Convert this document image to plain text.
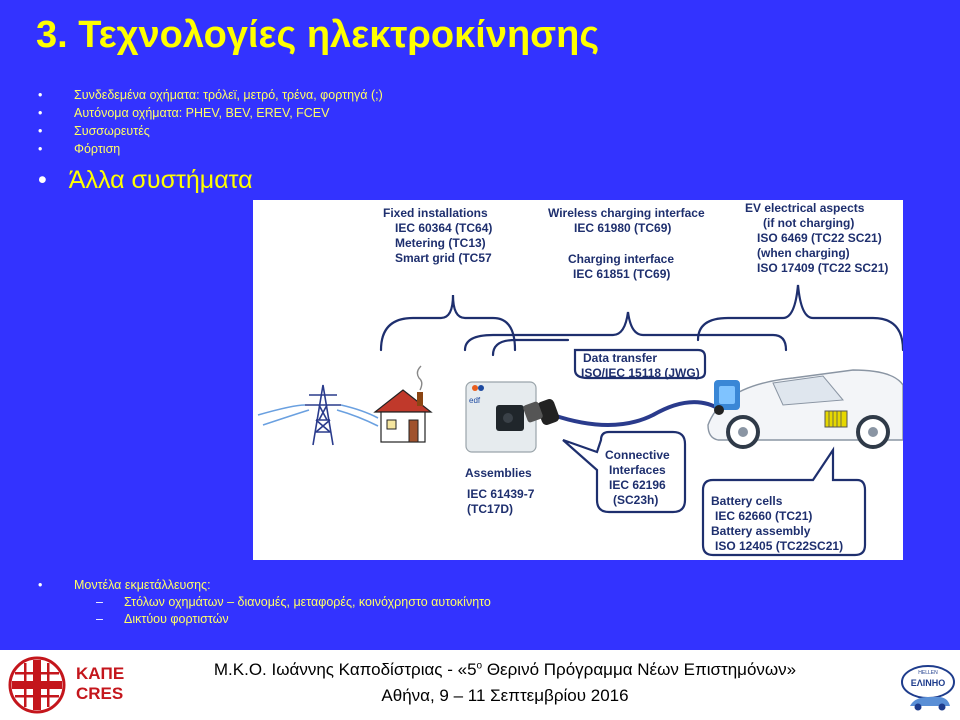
3. Τεχνολογίες ηλεκτροκίνησης
•	Συνδεδεμένα οχήματα: τρόλεϊ, μετρό, τρένα, φορτηγά (;)
•	Αυτόνομα οχήματα: PHEV, BEV, EREV, FCEV
•	Συσσωρευτές
•	Φόρτιση
• Άλλα συστήματα
edf
Fixed installations
IEC 60364 (TC64)
Metering (TC13)
Smart grid (TC57
Wireless charging interface
IEC 61980 (TC69)
Charging interface
IEC 61851 (TC69)
EV electrical aspects
(if not charging)
ISO 6469 (TC22 SC21)
(when charging)
ISO 17409 (TC22 SC21)
Data transfer
ISO/IEC 15118 (JWG)
Assemblies
IEC 61439-7
(TC17D)
Connective
Interfaces
IEC 62196
(SC23h)	Battery cells
IEC 62660 (TC21)
Battery assembly
ISO 12405 (TC22SC21)
•	Μοντέλα εκμετάλλευσης:
– Στόλων οχημάτων – διανομές, μεταφορές, κοινόχρηστο αυτοκίνητο
– Δικτύου φορτιστών
ΚΑΠΕ
CRES
Μ.Κ.Ο. Ιωάννης Καποδίστριας - «$5^o$ Θερινό Πρόγραμμα Νέων Επιστημόνων»
Αθήνα, 9 – 11 Σεπτεμβρίου 2016
HELLEN
ΕΛΙΝΗΟ
